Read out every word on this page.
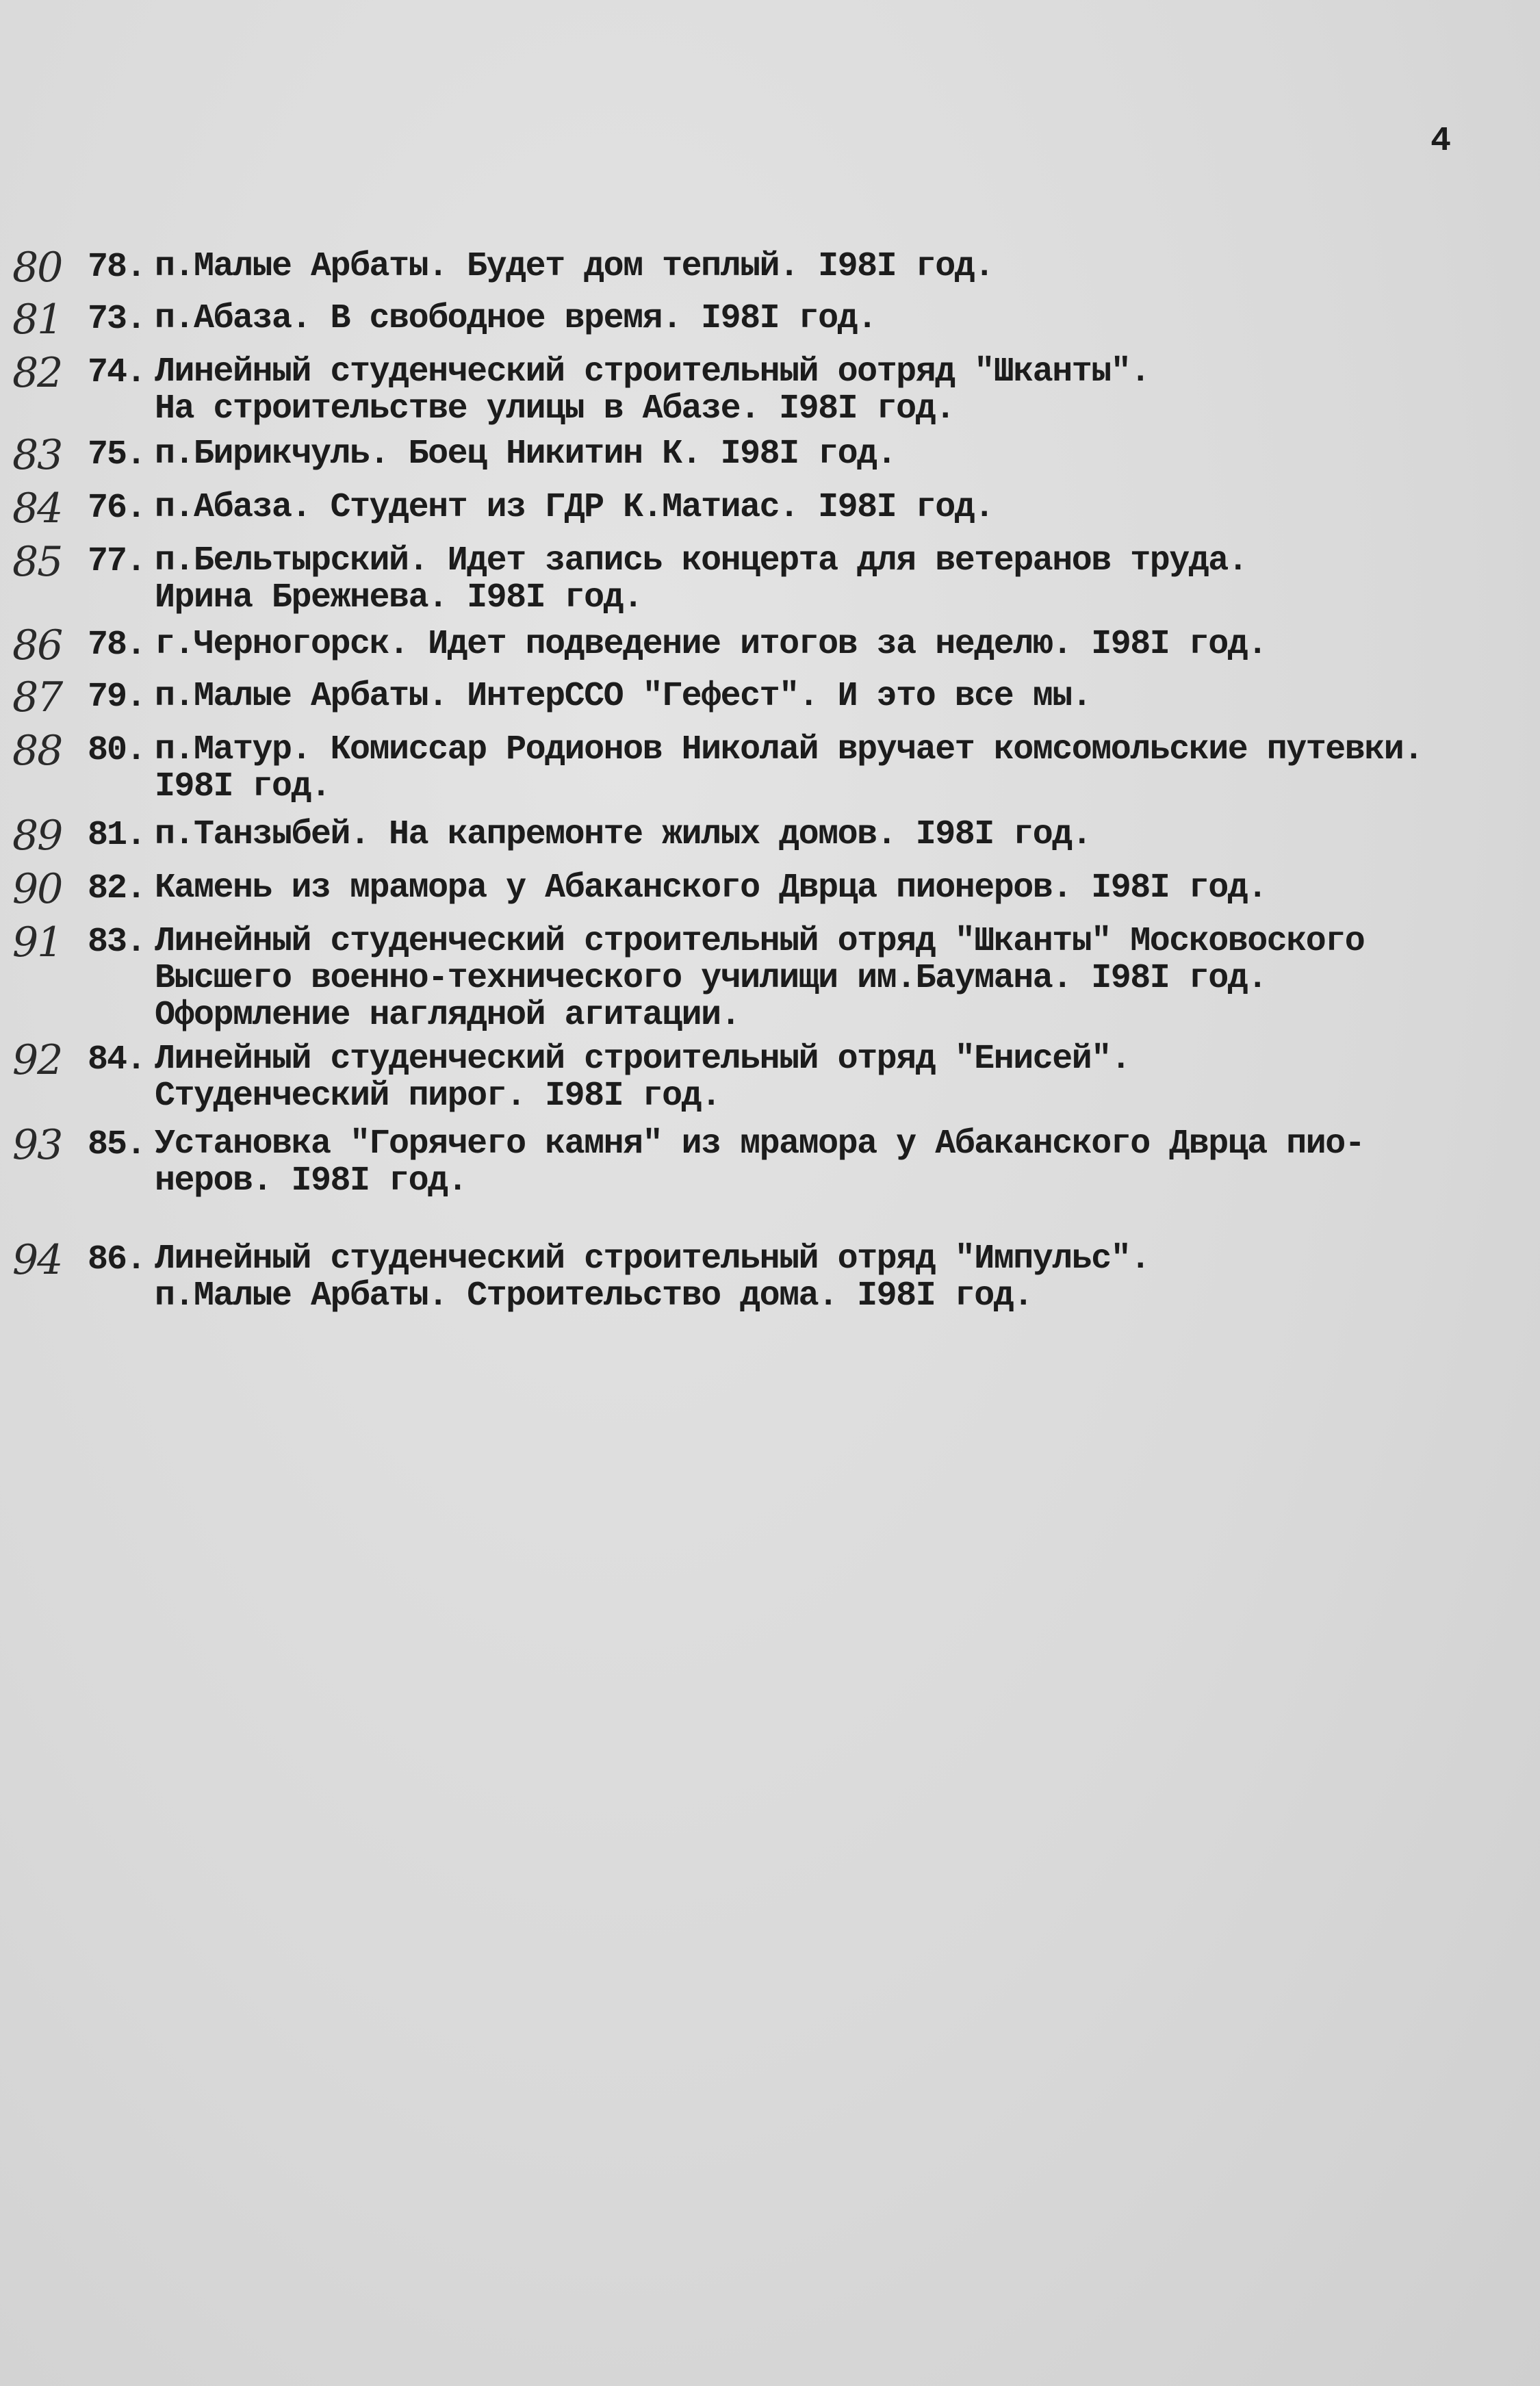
4
80 78. п.Малые Арбаты. Будет дом теплый. I98I год.
81 73. п.Абаза. В свободное время. I98I год.
82 74. Линейный студенческий строительный оотряд "Шканты".
На строительстве улицы в Абазе. I98I год.
83 75. п.Бирикчуль. Боец Никитин К. I98I год.
84 76. п.Абаза. Студент из ГДР К.Матиас. I98I год.
85 77. п.Бельтырский. Идет запись концерта для ветеранов труда.
Ирина Брежнева. I98I год.
86 78. г.Черногорск. Идет подведение итогов за неделю. I98I год.
87 79. п.Малые Арбаты. ИнтерССО "Гефест". И это все мы.
88 80. п.Матур. Комиссар Родионов Николай вручает комсомольские путевки.
I98I год.
89 81. п.Танзыбей. На капремонте жилых домов. I98I год.
90 82. Камень из мрамора у Абаканского Дврца пионеров. I98I год.
91 83. Линейный студенческий строительный отряд "Шканты" Московоского
Высшего военно-технического училищи им.Баумана. I98I год.
Оформление наглядной агитации.
92 84. Линейный студенческий строительный отряд "Енисей".
Студенческий пирог. I98I год.
93 85. Установка "Горячего камня" из мрамора у Абаканского Дврца пио-
неров. I98I год.
94 86. Линейный студенческий строительный отряд "Импульс".
п.Малые Арбаты. Строительство дома. I98I год.
